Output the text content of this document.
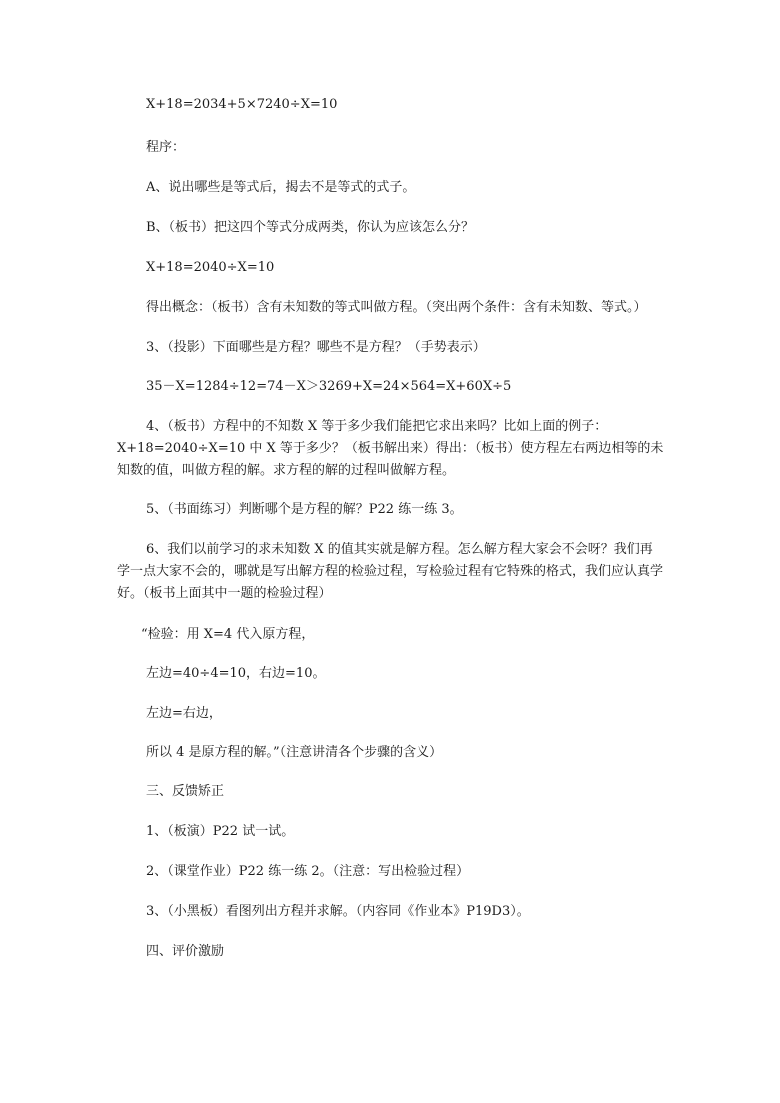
X+18=2034+5×7240÷X=10
程序：
A、说出哪些是等式后，揭去不是等式的式子。
B、（板书）把这四个等式分成两类，你认为应该怎么分？
X+18=2040÷X=10
得出概念：（板书）含有未知数的等式叫做方程。（突出两个条件：含有未知数、等式。）
3、（投影）下面哪些是方程？哪些不是方程？（手势表示）
35－X=1284÷12=74－X＞3269+X=24×564=X+60X÷5
4、（板书）方程中的不知数 X 等于多少我们能把它求出来吗？比如上面的例子：X+18=2040÷X=10 中 X 等于多少？（板书解出来）得出：（板书）使方程左右两边相等的未知数的值，叫做方程的解。求方程的解的过程叫做解方程。
5、（书面练习）判断哪个是方程的解？P22 练一练 3。
6、我们以前学习的求未知数 X 的值其实就是解方程。怎么解方程大家会不会呀？我们再学一点大家不会的，哪就是写出解方程的检验过程，写检验过程有它特殊的格式，我们应认真学好。（板书上面其中一题的检验过程）
“检验：用 X=4 代入原方程，
左边=40÷4=10，右边=10。
左边=右边，
所以 4 是原方程的解。”（注意讲清各个步骤的含义）
三、反馈矫正
1、（板演）P22 试一试。
2、（课堂作业）P22 练一练 2。（注意：写出检验过程）
3、（小黑板）看图列出方程并求解。（内容同《作业本》P19D3）。
四、评价激励
